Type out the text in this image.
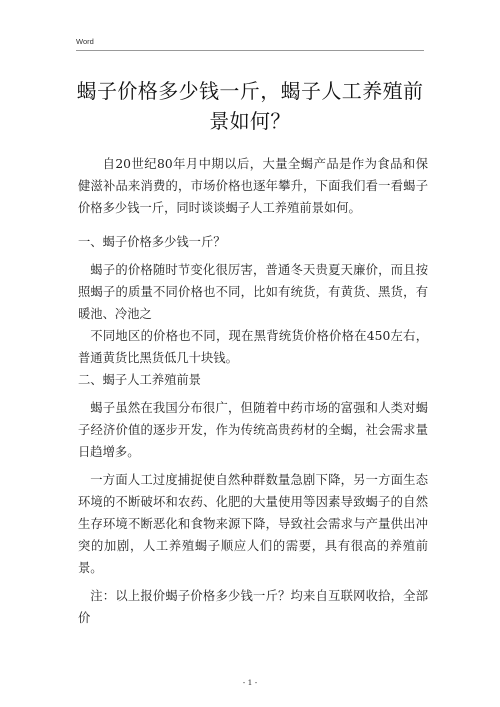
Word
蝎子价格多少钱一斤，蝎子人工养殖前景如何？

自20世纪80年月中期以后，大量全蝎产品是作为食品和保健滋补品来消费的，市场价格也逐年攀升，下面我们看一看蝎子价格多少钱一斤，同时谈谈蝎子人工养殖前景如何。

一、蝎子价格多少钱一斤？

蝎子的价格随时节变化很厉害，普通冬天贵夏天廉价，而且按照蝎子的质量不同价格也不同，比如有统货，有黄货、黑货，有暖池、冷池之

不同地区的价格也不同，现在黑背统货价格价格在450左右，普通黄货比黑货低几十块钱。

二、蝎子人工养殖前景

蝎子虽然在我国分布很广，但随着中药市场的富强和人类对蝎子经济价值的逐步开发，作为传统高贵药材的全蝎，社会需求量日趋增多。

一方面人工过度捕捉使自然种群数量急剧下降，另一方面生态环境的不断破坏和农药、化肥的大量使用等因素导致蝎子的自然生存环境不断恶化和食物来源下降，导致社会需求与产量供出冲突的加剧，人工养殖蝎子顺应人们的需要，具有很高的养殖前景。

注：以上报价蝎子价格多少钱一斤？均来自互联网收拾，全部价

- 1 -
